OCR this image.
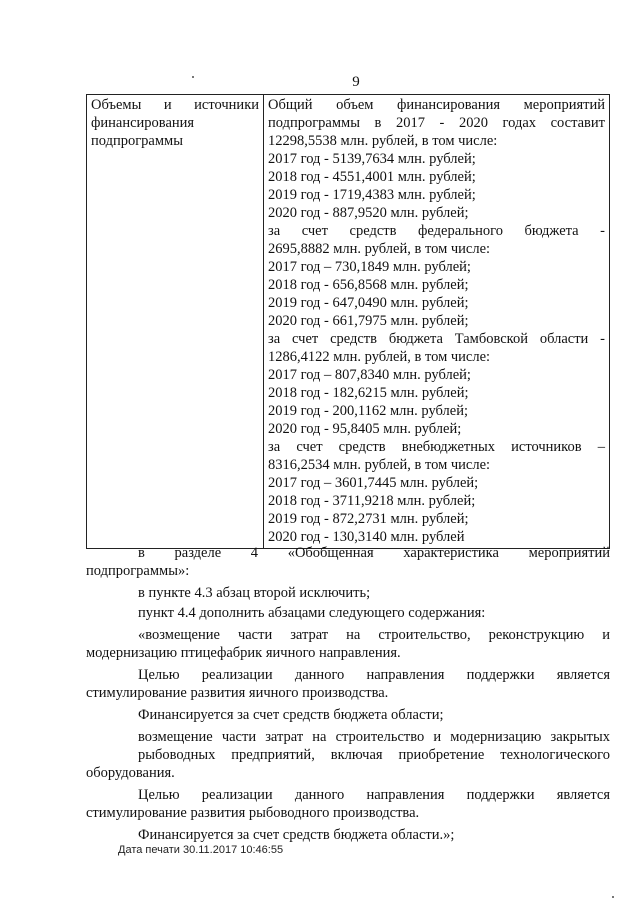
9
Объемы и источники финансирования подпрограммы

Общий объем финансирования мероприятий
подпрограммы в 2017 - 2020 годах составит
12298,5538 млн. рублей, в том числе:
2017 год - 5139,7634 млн. рублей;
2018 год - 4551,4001 млн. рублей;
2019 год - 1719,4383 млн. рублей;
2020 год - 887,9520 млн. рублей;
за счет средств федерального бюджета -
2695,8882 млн. рублей, в том числе:
2017 год – 730,1849 млн. рублей;
2018 год - 656,8568 млн. рублей;
2019 год - 647,0490 млн. рублей;
2020 год - 661,7975 млн. рублей;
за счет средств бюджета Тамбовской области -
1286,4122 млн. рублей, в том числе:
2017 год – 807,8340 млн. рублей;
2018 год - 182,6215 млн. рублей;
2019 год - 200,1162 млн. рублей;
2020 год - 95,8405 млн. рублей;
за счет средств внебюджетных источников –
8316,2534 млн. рублей, в том числе:
2017 год – 3601,7445 млн. рублей;
2018 год - 3711,9218 млн. рублей;
2019 год - 872,2731 млн. рублей;
2020 год - 130,3140 млн. рублей

в разделе 4 «Обобщенная характеристика мероприятий
подпрограммы»:

в пункте 4.3 абзац второй исключить;

пункт 4.4 дополнить абзацами следующего содержания:

«возмещение части затрат на строительство, реконструкцию и
модернизацию птицефабрик яичного направления.

Целью реализации данного направления поддержки является
стимулирование развития яичного производства.

Финансируется за счет средств бюджета области;

возмещение части затрат на строительство и модернизацию закрытых
рыбоводных предприятий, включая приобретение технологического
оборудования.

Целью реализации данного направления поддержки является
стимулирование развития рыбоводного производства.

Финансируется за счет средств бюджета области.»;

Дата печати 30.11.2017 10:46:55
